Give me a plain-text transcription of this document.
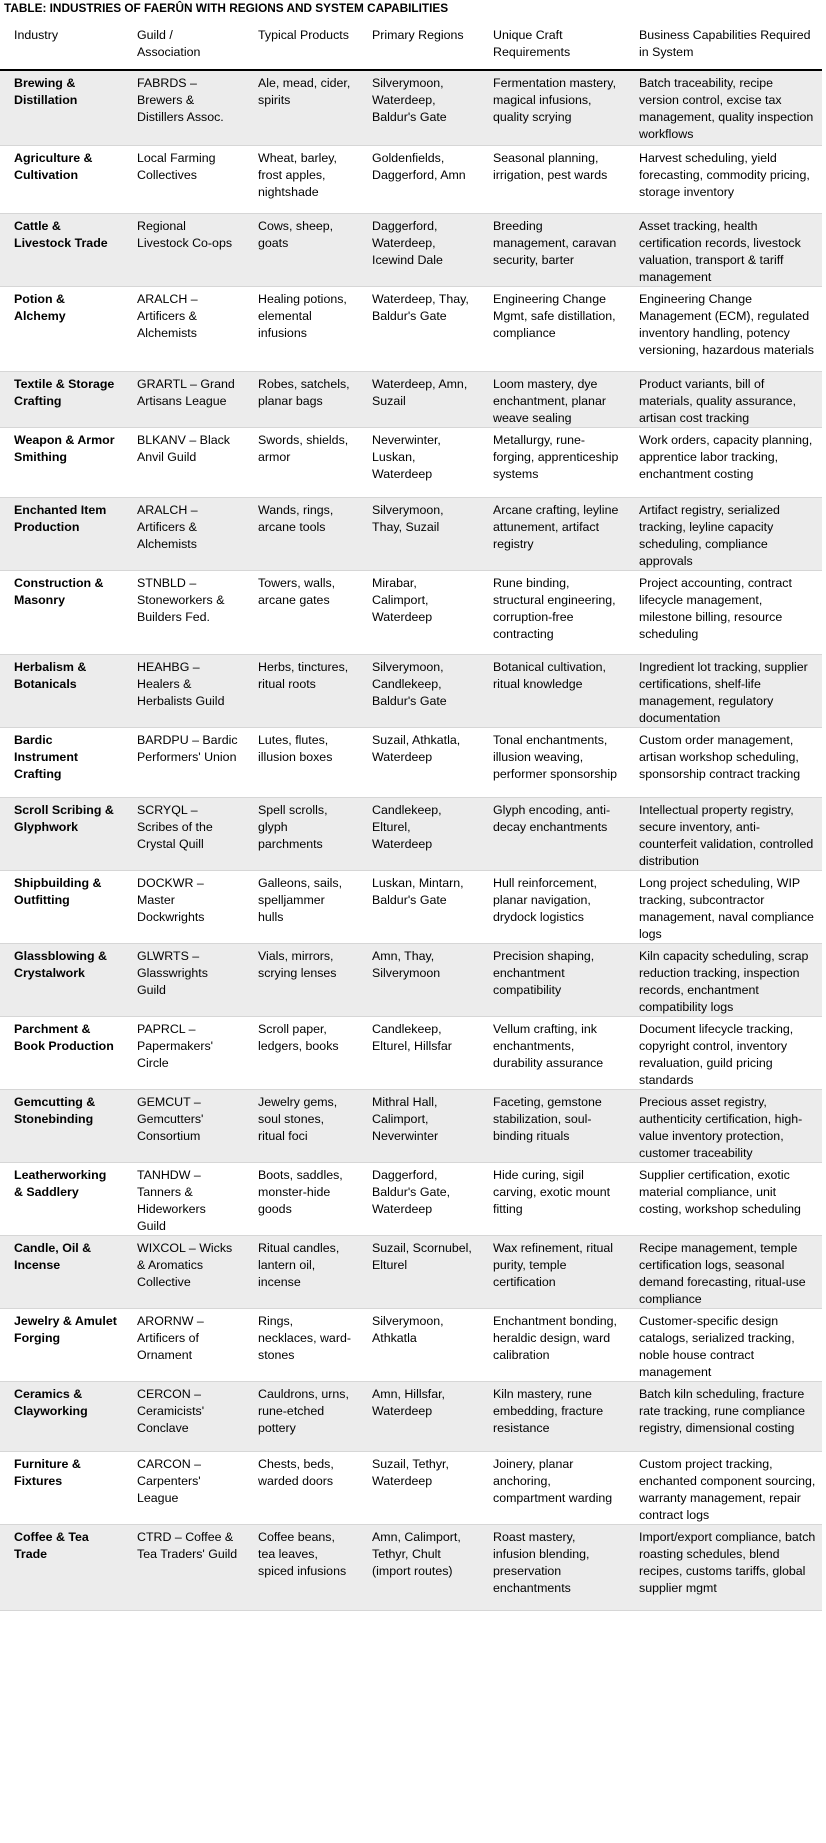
TABLE: INDUSTRIES OF FAERÛN WITH REGIONS AND SYSTEM CAPABILITIES
Industry	Guild / Association	Typical Products	Primary Regions	Unique Craft Requirements	Business Capabilities Required in System
Brewing & Distillation	FABRDS – Brewers & Distillers Assoc.	Ale, mead, cider, spirits	Silverymoon, Waterdeep, Baldur's Gate	Fermentation mastery, magical infusions, quality scrying	Batch traceability, recipe version control, excise tax management, quality inspection workflows
Agriculture & Cultivation	Local Farming Collectives	Wheat, barley, frost apples, nightshade	Goldenfields, Daggerford, Amn	Seasonal planning, irrigation, pest wards	Harvest scheduling, yield forecasting, commodity pricing, storage inventory
Cattle & Livestock Trade	Regional Livestock Co-ops	Cows, sheep, goats	Daggerford, Waterdeep, Icewind Dale	Breeding management, caravan security, barter	Asset tracking, health certification records, livestock valuation, transport & tariff management
Potion & Alchemy	ARALCH – Artificers & Alchemists	Healing potions, elemental infusions	Waterdeep, Thay, Baldur's Gate	Engineering Change Mgmt, safe distillation, compliance	Engineering Change Management (ECM), regulated inventory handling, potency versioning, hazardous materials
Textile & Storage Crafting	GRARTL – Grand Artisans League	Robes, satchels, planar bags	Waterdeep, Amn, Suzail	Loom mastery, dye enchantment, planar weave sealing	Product variants, bill of materials, quality assurance, artisan cost tracking
Weapon & Armor Smithing	BLKANV – Black Anvil Guild	Swords, shields, armor	Neverwinter, Luskan, Waterdeep	Metallurgy, rune-forging, apprenticeship systems	Work orders, capacity planning, apprentice labor tracking, enchantment costing
Enchanted Item Production	ARALCH – Artificers & Alchemists	Wands, rings, arcane tools	Silverymoon, Thay, Suzail	Arcane crafting, leyline attunement, artifact registry	Artifact registry, serialized tracking, leyline capacity scheduling, compliance approvals
Construction & Masonry	STNBLD – Stoneworkers & Builders Fed.	Towers, walls, arcane gates	Mirabar, Calimport, Waterdeep	Rune binding, structural engineering, corruption-free contracting	Project accounting, contract lifecycle management, milestone billing, resource scheduling
Herbalism & Botanicals	HEAHBG – Healers & Herbalists Guild	Herbs, tinctures, ritual roots	Silverymoon, Candlekeep, Baldur's Gate	Botanical cultivation, ritual knowledge	Ingredient lot tracking, supplier certifications, shelf-life management, regulatory documentation
Bardic Instrument Crafting	BARDPU – Bardic Performers' Union	Lutes, flutes, illusion boxes	Suzail, Athkatla, Waterdeep	Tonal enchantments, illusion weaving, performer sponsorship	Custom order management, artisan workshop scheduling, sponsorship contract tracking
Scroll Scribing & Glyphwork	SCRYQL – Scribes of the Crystal Quill	Spell scrolls, glyph parchments	Candlekeep, Elturel, Waterdeep	Glyph encoding, anti-decay enchantments	Intellectual property registry, secure inventory, anti-counterfeit validation, controlled distribution
Shipbuilding & Outfitting	DOCKWR – Master Dockwrights	Galleons, sails, spelljammer hulls	Luskan, Mintarn, Baldur's Gate	Hull reinforcement, planar navigation, drydock logistics	Long project scheduling, WIP tracking, subcontractor management, naval compliance logs
Glassblowing & Crystalwork	GLWRTS – Glasswrights Guild	Vials, mirrors, scrying lenses	Amn, Thay, Silverymoon	Precision shaping, enchantment compatibility	Kiln capacity scheduling, scrap reduction tracking, inspection records, enchantment compatibility logs
Parchment & Book Production	PAPRCL – Papermakers' Circle	Scroll paper, ledgers, books	Candlekeep, Elturel, Hillsfar	Vellum crafting, ink enchantments, durability assurance	Document lifecycle tracking, copyright control, inventory revaluation, guild pricing standards
Gemcutting & Stonebinding	GEMCUT – Gemcutters' Consortium	Jewelry gems, soul stones, ritual foci	Mithral Hall, Calimport, Neverwinter	Faceting, gemstone stabilization, soul-binding rituals	Precious asset registry, authenticity certification, high-value inventory protection, customer traceability
Leatherworking & Saddlery	TANHDW – Tanners & Hideworkers Guild	Boots, saddles, monster-hide goods	Daggerford, Baldur's Gate, Waterdeep	Hide curing, sigil carving, exotic mount fitting	Supplier certification, exotic material compliance, unit costing, workshop scheduling
Candle, Oil & Incense	WIXCOL – Wicks & Aromatics Collective	Ritual candles, lantern oil, incense	Suzail, Scornubel, Elturel	Wax refinement, ritual purity, temple certification	Recipe management, temple certification logs, seasonal demand forecasting, ritual-use compliance
Jewelry & Amulet Forging	ARORNW – Artificers of Ornament	Rings, necklaces, ward-stones	Silverymoon, Athkatla	Enchantment bonding, heraldic design, ward calibration	Customer-specific design catalogs, serialized tracking, noble house contract management
Ceramics & Clayworking	CERCON – Ceramicists' Conclave	Cauldrons, urns, rune-etched pottery	Amn, Hillsfar, Waterdeep	Kiln mastery, rune embedding, fracture resistance	Batch kiln scheduling, fracture rate tracking, rune compliance registry, dimensional costing
Furniture & Fixtures	CARCON – Carpenters' League	Chests, beds, warded doors	Suzail, Tethyr, Waterdeep	Joinery, planar anchoring, compartment warding	Custom project tracking, enchanted component sourcing, warranty management, repair contract logs
Coffee & Tea Trade	CTRD – Coffee & Tea Traders' Guild	Coffee beans, tea leaves, spiced infusions	Amn, Calimport, Tethyr, Chult (import routes)	Roast mastery, infusion blending, preservation enchantments	Import/export compliance, batch roasting schedules, blend recipes, customs tariffs, global supplier mgmt
